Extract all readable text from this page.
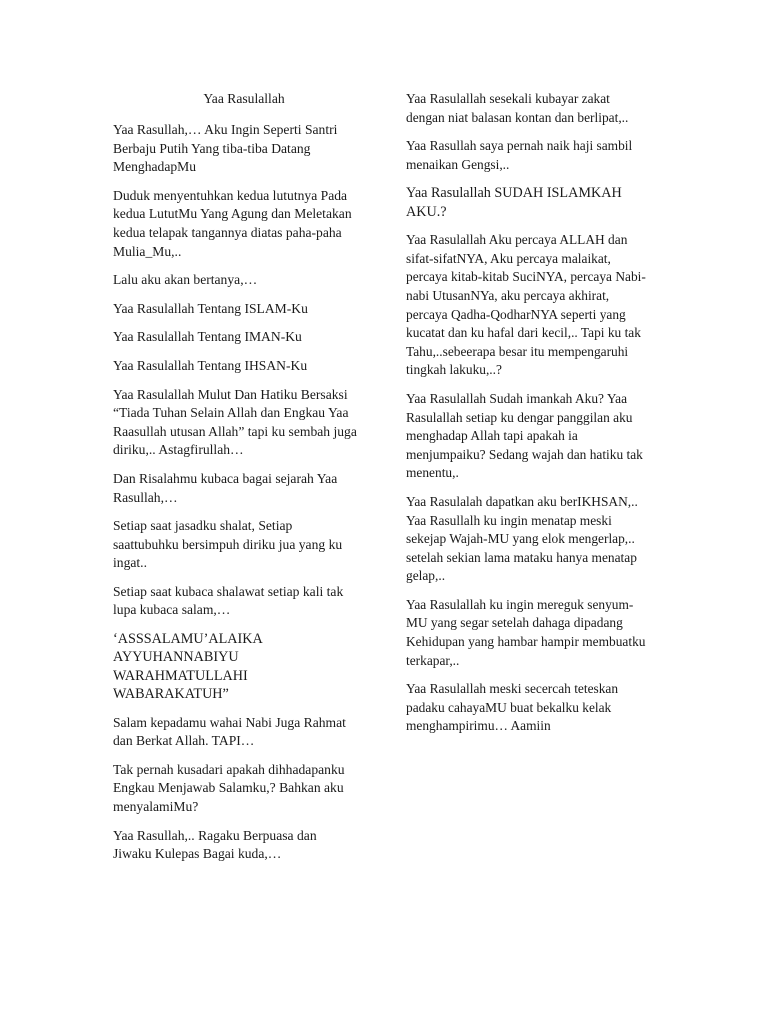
Yaa Rasulallah

Yaa Rasullah,… Aku Ingin Seperti Santri
Berbaju Putih Yang tiba-tiba Datang
MenghadapMu

Duduk menyentuhkan kedua lututnya Pada
kedua LututMu Yang Agung dan Meletakan
kedua telapak tangannya diatas paha-paha
Mulia_Mu,..

Lalu aku akan bertanya,…

Yaa Rasulallah Tentang ISLAM-Ku

Yaa Rasulallah Tentang IMAN-Ku

Yaa Rasulallah Tentang IHSAN-Ku

Yaa Rasulallah Mulut Dan Hatiku Bersaksi
“Tiada Tuhan Selain Allah dan Engkau Yaa
Raasullah utusan Allah” tapi ku sembah juga
diriku,.. Astagfirullah…

Dan Risalahmu kubaca bagai sejarah Yaa
Rasullah,…

Setiap saat jasadku shalat, Setiap
saattubuhku bersimpuh diriku jua yang ku
ingat..

Setiap saat kubaca shalawat setiap kali tak
lupa kubaca salam,…

‘ASSSALAMU’ALAIKA
AYYUHANNABIYU
WARAHMATULLAHI
WABARAKATUH”

Salam kepadamu wahai Nabi Juga Rahmat
dan Berkat Allah. TAPI…

Tak pernah kusadari apakah dihhadapanku
Engkau Menjawab Salamku,? Bahkan aku
menyalamiMu?

Yaa Rasullah,.. Ragaku Berpuasa dan
Jiwaku Kulepas Bagai kuda,…

Yaa Rasulallah sesekali kubayar zakat
dengan niat balasan kontan dan berlipat,..

Yaa Rasullah saya pernah naik haji sambil
menaikan Gengsi,..

Yaa Rasulallah SUDAH ISLAMKAH
AKU.?

Yaa Rasulallah Aku percaya ALLAH dan
sifat-sifatNYA, Aku percaya malaikat,
percaya kitab-kitab SuciNYA, percaya Nabi-
nabi UtusanNYa, aku percaya akhirat,
percaya Qadha-QodharNYA seperti yang
kucatat dan ku hafal dari kecil,.. Tapi ku tak
Tahu,..sebeerapa besar itu mempengaruhi
tingkah lakuku,..?

Yaa Rasulallah Sudah imankah Aku? Yaa
Rasulallah setiap ku dengar panggilan aku
menghadap Allah tapi apakah ia
menjumpaiku? Sedang wajah dan hatiku tak
menentu,.

Yaa Rasulalah dapatkan aku berIKHSAN,..
Yaa Rasullalh ku ingin menatap meski
sekejap Wajah-MU yang elok mengerlap,..
setelah sekian lama mataku hanya menatap
gelap,..

Yaa Rasulallah ku ingin mereguk senyum-
MU yang segar setelah dahaga dipadang
Kehidupan yang hambar hampir membuatku
terkapar,..

Yaa Rasulallah meski secercah teteskan
padaku cahayaMU buat bekalku kelak
menghampirimu… Aamiin
